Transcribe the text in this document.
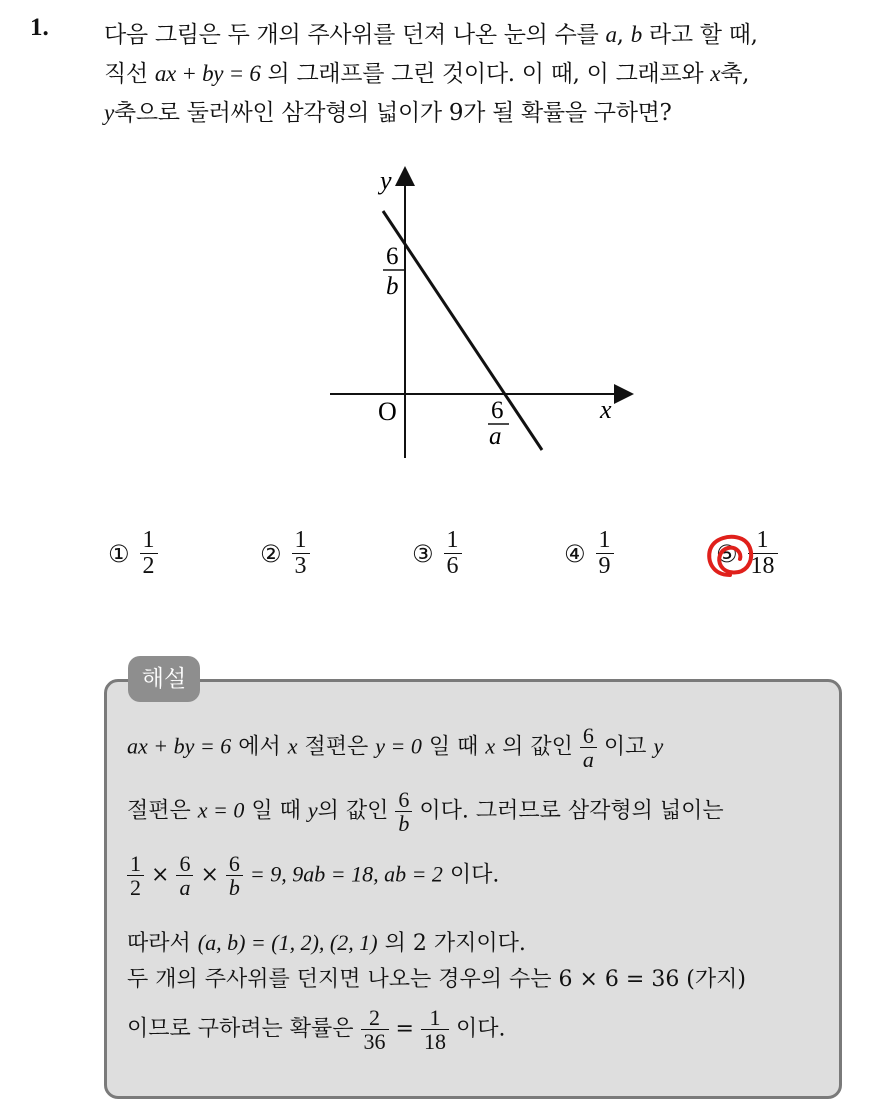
1. 다음 그림은 두 개의 주사위를 던져 나온 눈의 수를 a, b 라고 할 때,
직선 ax + by = 6 의 그래프를 그린 것이다. 이 때, 이 그래프와 x축,
y축으로 둘러싸인 삼각형의 넓이가 9가 될 확률을 구하면?
y
x
O
6
b
6
a
① $\frac{1}{2}$	② $\frac{1}{3}$	③ $\frac{1}{6}$	④ $\frac{1}{9}$	⑤ $\frac{1}{18}$
해설
ax + by = 6 에서 x 절편은 y = 0 일 때 x 의 값인 $\frac{6}{a}$ 이고 y
절편은 x = 0 일 때 y의 값인 $\frac{6}{b}$ 이다. 그러므로 삼각형의 넓이는
$\frac{1}{2} \times \frac{6}{a} \times \frac{6}{b} = 9$, 9ab = 18, ab = 2 이다.
따라서 (a, b) = (1, 2), (2, 1) 의 2 가지이다.
두 개의 주사위를 던지면 나오는 경우의 수는 6 × 6 = 36 (가지)
이므로 구하려는 확률은 $\frac{2}{36} = \frac{1}{18}$ 이다.
